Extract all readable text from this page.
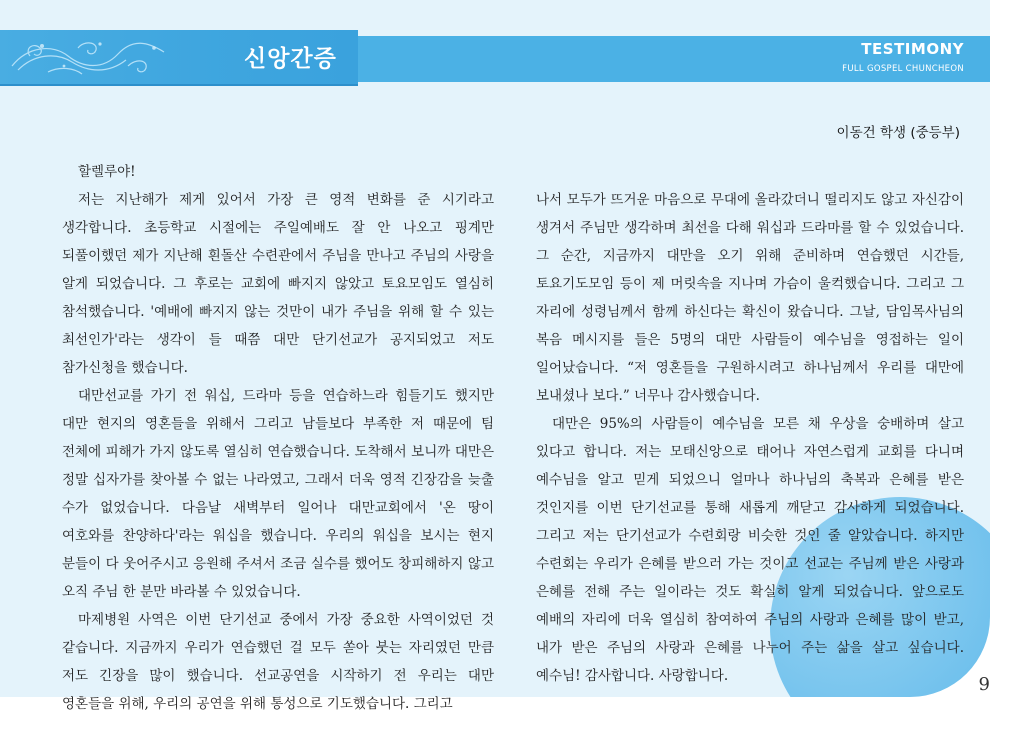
신앙간증	TESTIMONY
FULL GOSPEL CHUNCHEON
이동건 학생 (중등부)

할렐루야!

저는 지난해가 제게 있어서 가장 큰 영적 변화를 준 시기라고 생각합니다. 초등학교 시절에는 주일예배도 잘 안 나오고 핑계만 되풀이했던 제가 지난해 흰돌산 수련관에서 주님을 만나고 주님의 사랑을 알게 되었습니다. 그 후로는 교회에 빠지지 않았고 토요모임도 열심히 참석했습니다. '예배에 빠지지 않는 것만이 내가 주님을 위해 할 수 있는 최선인가'라는 생각이 들 때쯤 대만 단기선교가 공지되었고 저도 참가신청을 했습니다.

대만선교를 가기 전 워십, 드라마 등을 연습하느라 힘들기도 했지만 대만 현지의 영혼들을 위해서 그리고 남들보다 부족한 저 때문에 팀 전체에 피해가 가지 않도록 열심히 연습했습니다. 도착해서 보니까 대만은 정말 십자가를 찾아볼 수 없는 나라였고, 그래서 더욱 영적 긴장감을 늦출 수가 없었습니다. 다음날 새벽부터 일어나 대만교회에서 '온 땅이 여호와를 찬양하다'라는 워십을 했습니다. 우리의 워십을 보시는 현지 분들이 다 웃어주시고 응원해 주셔서 조금 실수를 했어도 창피해하지 않고 오직 주님 한 분만 바라볼 수 있었습니다.

마제병원 사역은 이번 단기선교 중에서 가장 중요한 사역이었던 것 같습니다. 지금까지 우리가 연습했던 걸 모두 쏟아 붓는 자리였던 만큼 저도 긴장을 많이 했습니다. 선교공연을 시작하기 전 우리는 대만 영혼들을 위해, 우리의 공연을 위해 통성으로 기도했습니다. 그리고

나서 모두가 뜨거운 마음으로 무대에 올라갔더니 떨리지도 않고 자신감이 생겨서 주님만 생각하며 최선을 다해 워십과 드라마를 할 수 있었습니다. 그 순간, 지금까지 대만을 오기 위해 준비하며 연습했던 시간들, 토요기도모임 등이 제 머릿속을 지나며 가슴이 울컥했습니다. 그리고 그 자리에 성령님께서 함께 하신다는 확신이 왔습니다. 그날, 담임목사님의 복음 메시지를 들은 5명의 대만 사람들이 예수님을 영접하는 일이 일어났습니다. “저 영혼들을 구원하시려고 하나님께서 우리를 대만에 보내셨나 보다.” 너무나 감사했습니다.

대만은 95%의 사람들이 예수님을 모른 채 우상을 숭배하며 살고 있다고 합니다. 저는 모태신앙으로 태어나 자연스럽게 교회를 다니며 예수님을 알고 믿게 되었으니 얼마나 하나님의 축복과 은혜를 받은 것인지를 이번 단기선교를 통해 새롭게 깨닫고 감사하게 되었습니다. 그리고 저는 단기선교가 수련회랑 비슷한 것인 줄 알았습니다. 하지만 수련회는 우리가 은혜를 받으러 가는 것이고 선교는 주님께 받은 사랑과 은혜를 전해 주는 일이라는 것도 확실히 알게 되었습니다. 앞으로도 예배의 자리에 더욱 열심히 참여하여 주님의 사랑과 은혜를 많이 받고, 내가 받은 주님의 사랑과 은혜를 나누어 주는 삶을 살고 싶습니다. 예수님! 감사합니다. 사랑합니다.	9
